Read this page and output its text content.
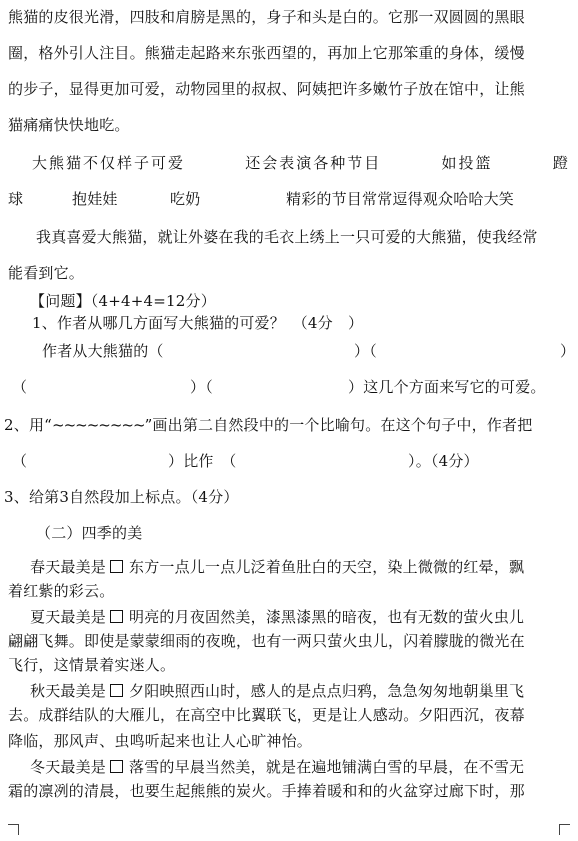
熊猫的皮很光滑，四肢和肩膀是黑的，身子和头是白的。它那一双圆圆的黑眼
圈，格外引人注目。熊猫走起路来东张西望的，再加上它那笨重的身体，缓慢
的步子，显得更加可爱，动物园里的叔叔、阿姨把许多嫩竹子放在馆中，让熊
猫痛痛快快地吃。
大熊猫不仅样子可爱	还会表演各种节目	如投篮	蹬
球	抱娃娃	吃奶	精彩的节目常常逗得观众哈哈大笑
我真喜爱大熊猫，就让外婆在我的毛衣上绣上一只可爱的大熊猫，使我经常
能看到它。
【问题】（4+4+4=12分）
1、作者从哪几方面写大熊猫的可爱？　（4分　）
作者从大熊猫的（	）（	）
（	）（	）这几个方面来写它的可爱。
2、用“~~~~~~~~”画出第二自然段中的一个比喻句。在这个句子中，作者把
（	）比作　（	）。（4分）
3、给第3自然段加上标点。（4分）
（二）四季的美
春天最美是 东方一点儿一点儿泛着鱼肚白的天空，染上微微的红晕，飘
着红紫的彩云。
夏天最美是 明亮的月夜固然美，漆黑漆黑的暗夜，也有无数的萤火虫儿
翩翩飞舞。即使是蒙蒙细雨的夜晚，也有一两只萤火虫儿，闪着朦胧的微光在
飞行，这情景着实迷人。
秋天最美是 夕阳映照西山时，感人的是点点归鸦，急急匆匆地朝巢里飞
去。成群结队的大雁儿，在高空中比翼联飞，更是让人感动。夕阳西沉，夜幕
降临，那风声、虫鸣听起来也让人心旷神怡。
冬天最美是 落雪的早晨当然美，就是在遍地铺满白雪的早晨，在不雪无
霜的凛冽的清晨，也要生起熊熊的炭火。手捧着暖和和的火盆穿过廊下时，那
